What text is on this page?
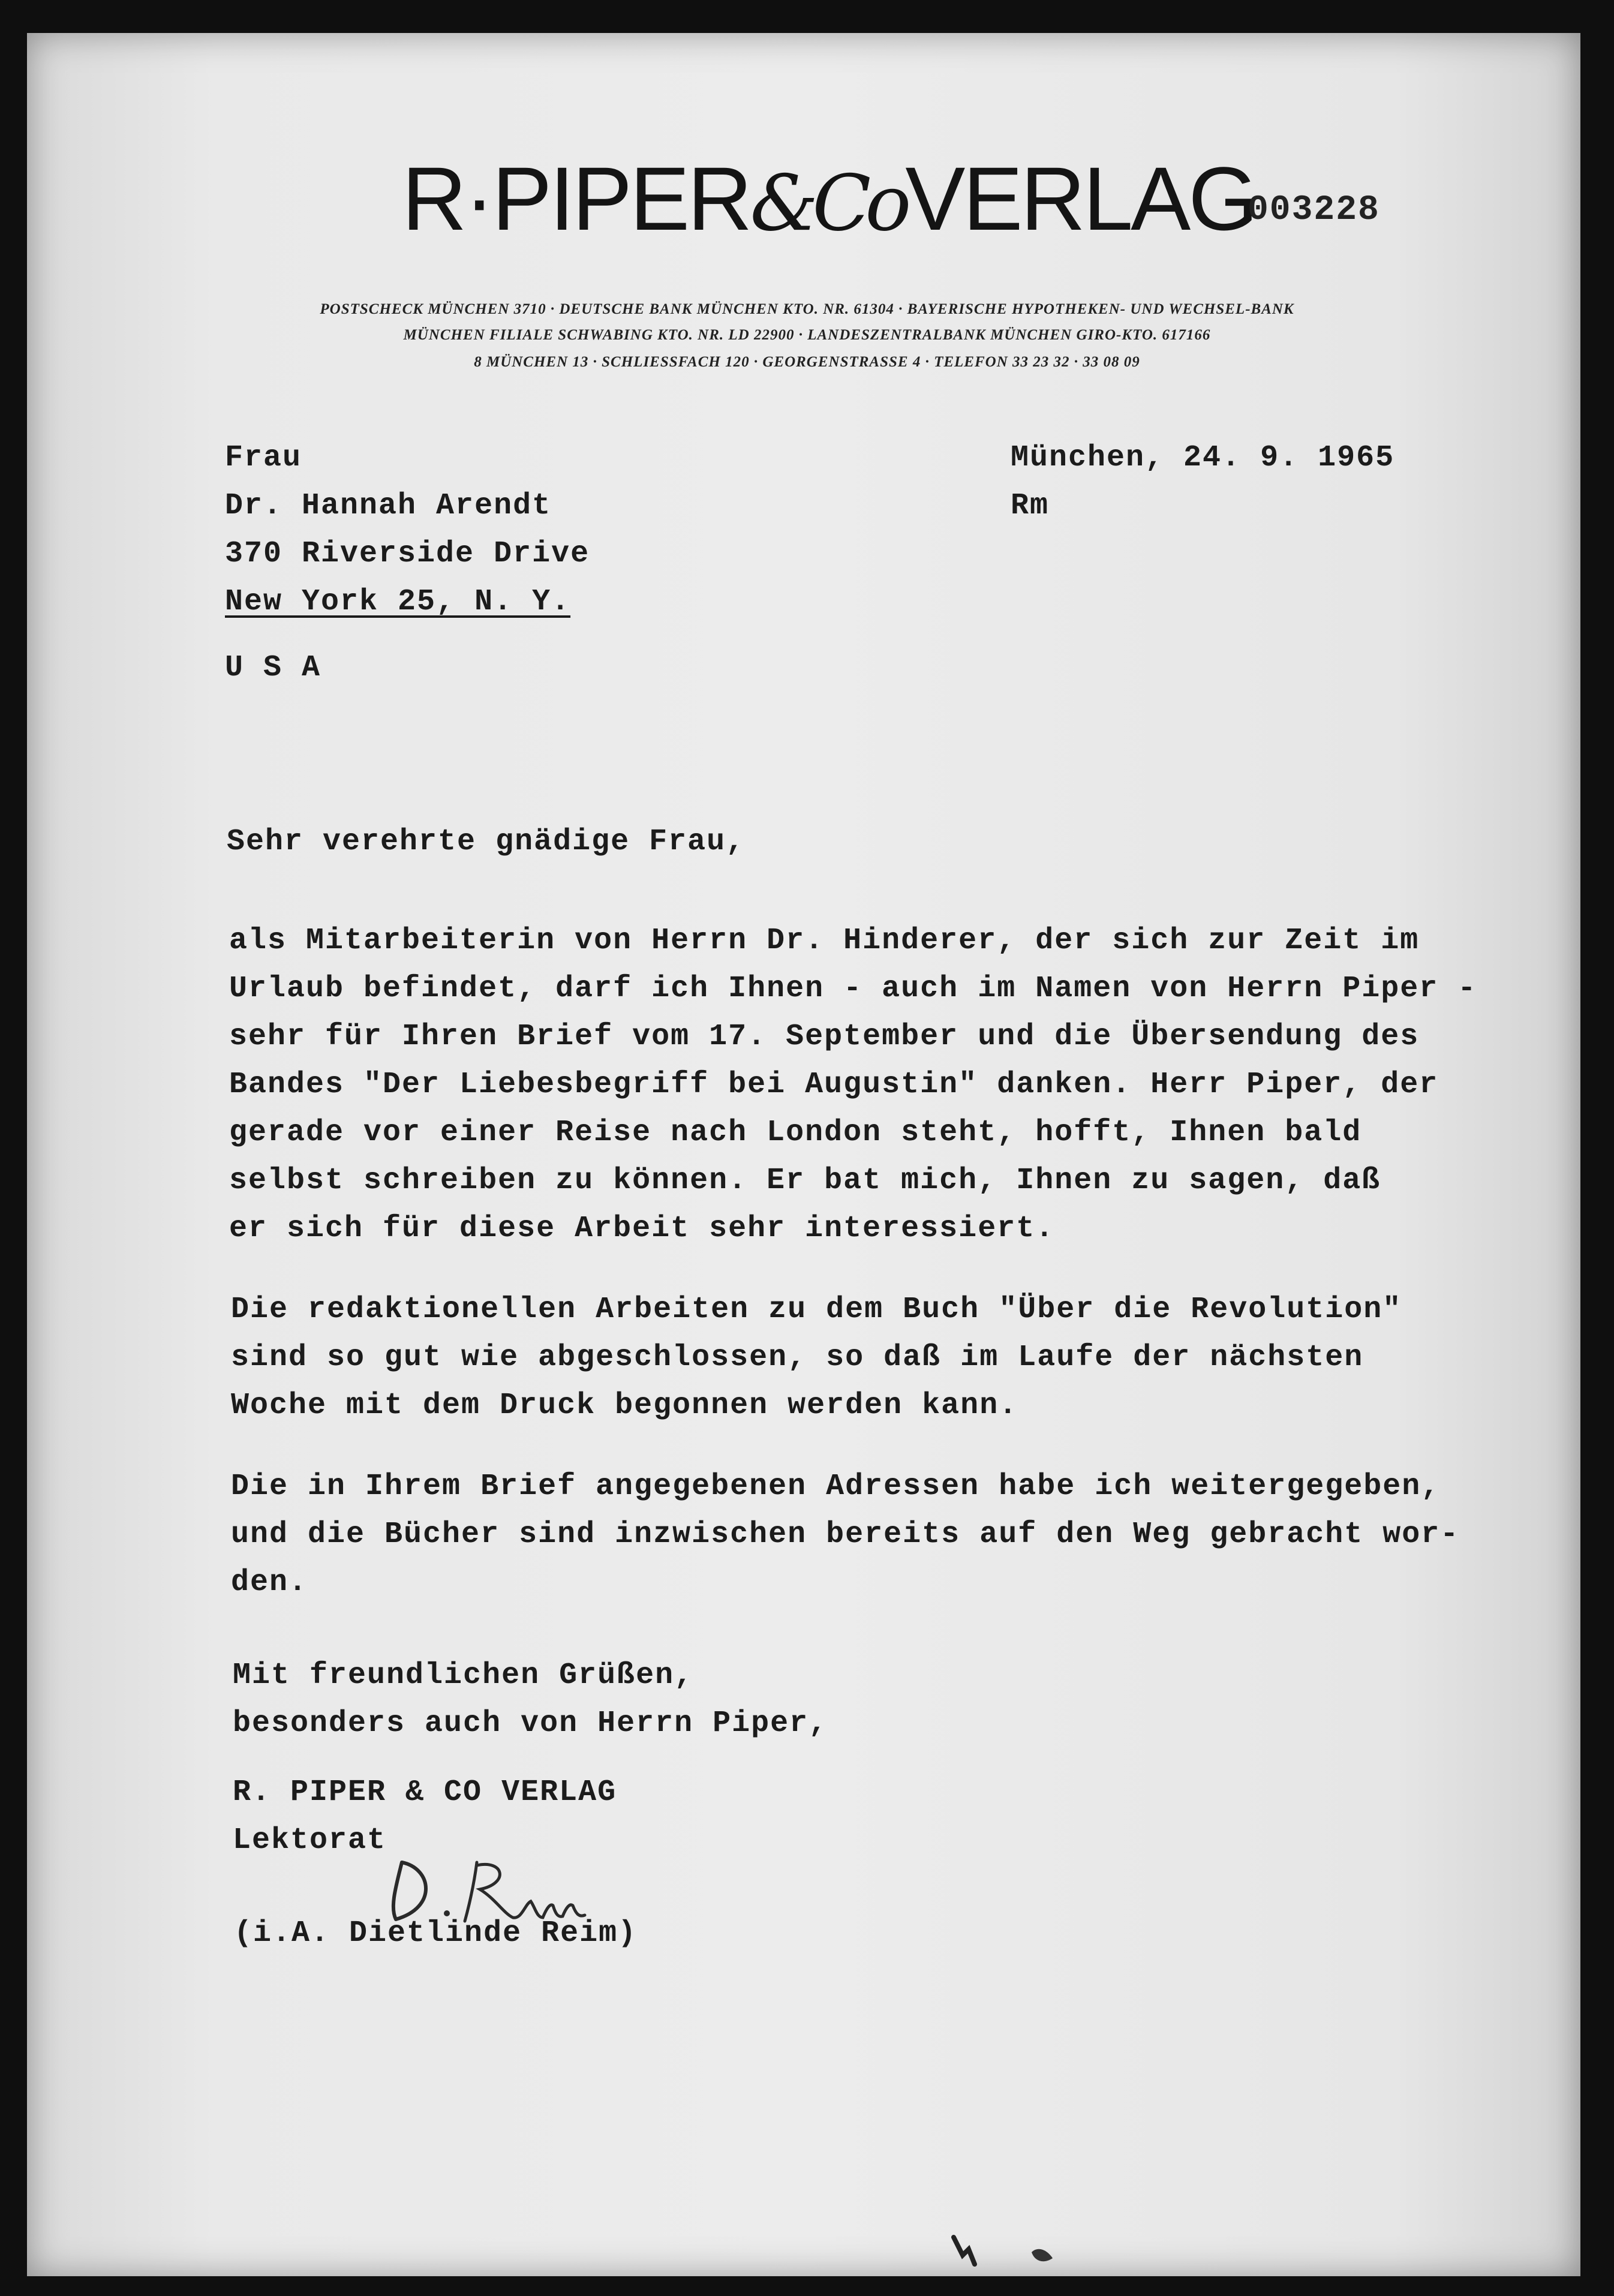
R·PIPER&CoVERLAG
003228
POSTSCHECK MÜNCHEN 3710 · DEUTSCHE BANK MÜNCHEN KTO. NR. 61304 · BAYERISCHE HYPOTHEKEN- UND WECHSEL-BANK
MÜNCHEN FILIALE SCHWABING KTO. NR. LD 22900 · LANDESZENTRALBANK MÜNCHEN GIRO-KTO. 617166
8 MÜNCHEN 13 · SCHLIESSFACH 120 · GEORGENSTRASSE 4 · TELEFON 33 23 32 · 33 08 09
Frau
Dr. Hannah Arendt
370 Riverside Drive
New York 25, N. Y.
U S A
München, 24. 9. 1965
Rm
Sehr verehrte gnädige Frau,
als Mitarbeiterin von Herrn Dr. Hinderer, der sich zur Zeit im
Urlaub befindet, darf ich Ihnen - auch im Namen von Herrn Piper -
sehr für Ihren Brief vom 17. September und die Übersendung des
Bandes "Der Liebesbegriff bei Augustin" danken. Herr Piper, der
gerade vor einer Reise nach London steht, hofft, Ihnen bald
selbst schreiben zu können. Er bat mich, Ihnen zu sagen, daß
er sich für diese Arbeit sehr interessiert.
Die redaktionellen Arbeiten zu dem Buch "Über die Revolution"
sind so gut wie abgeschlossen, so daß im Laufe der nächsten
Woche mit dem Druck begonnen werden kann.
Die in Ihrem Brief angegebenen Adressen habe ich weitergegeben,
und die Bücher sind inzwischen bereits auf den Weg gebracht wor-
den.
Mit freundlichen Grüßen,
besonders auch von Herrn Piper,
R. PIPER & CO VERLAG
Lektorat
(i.A. Dietlinde Reim)
